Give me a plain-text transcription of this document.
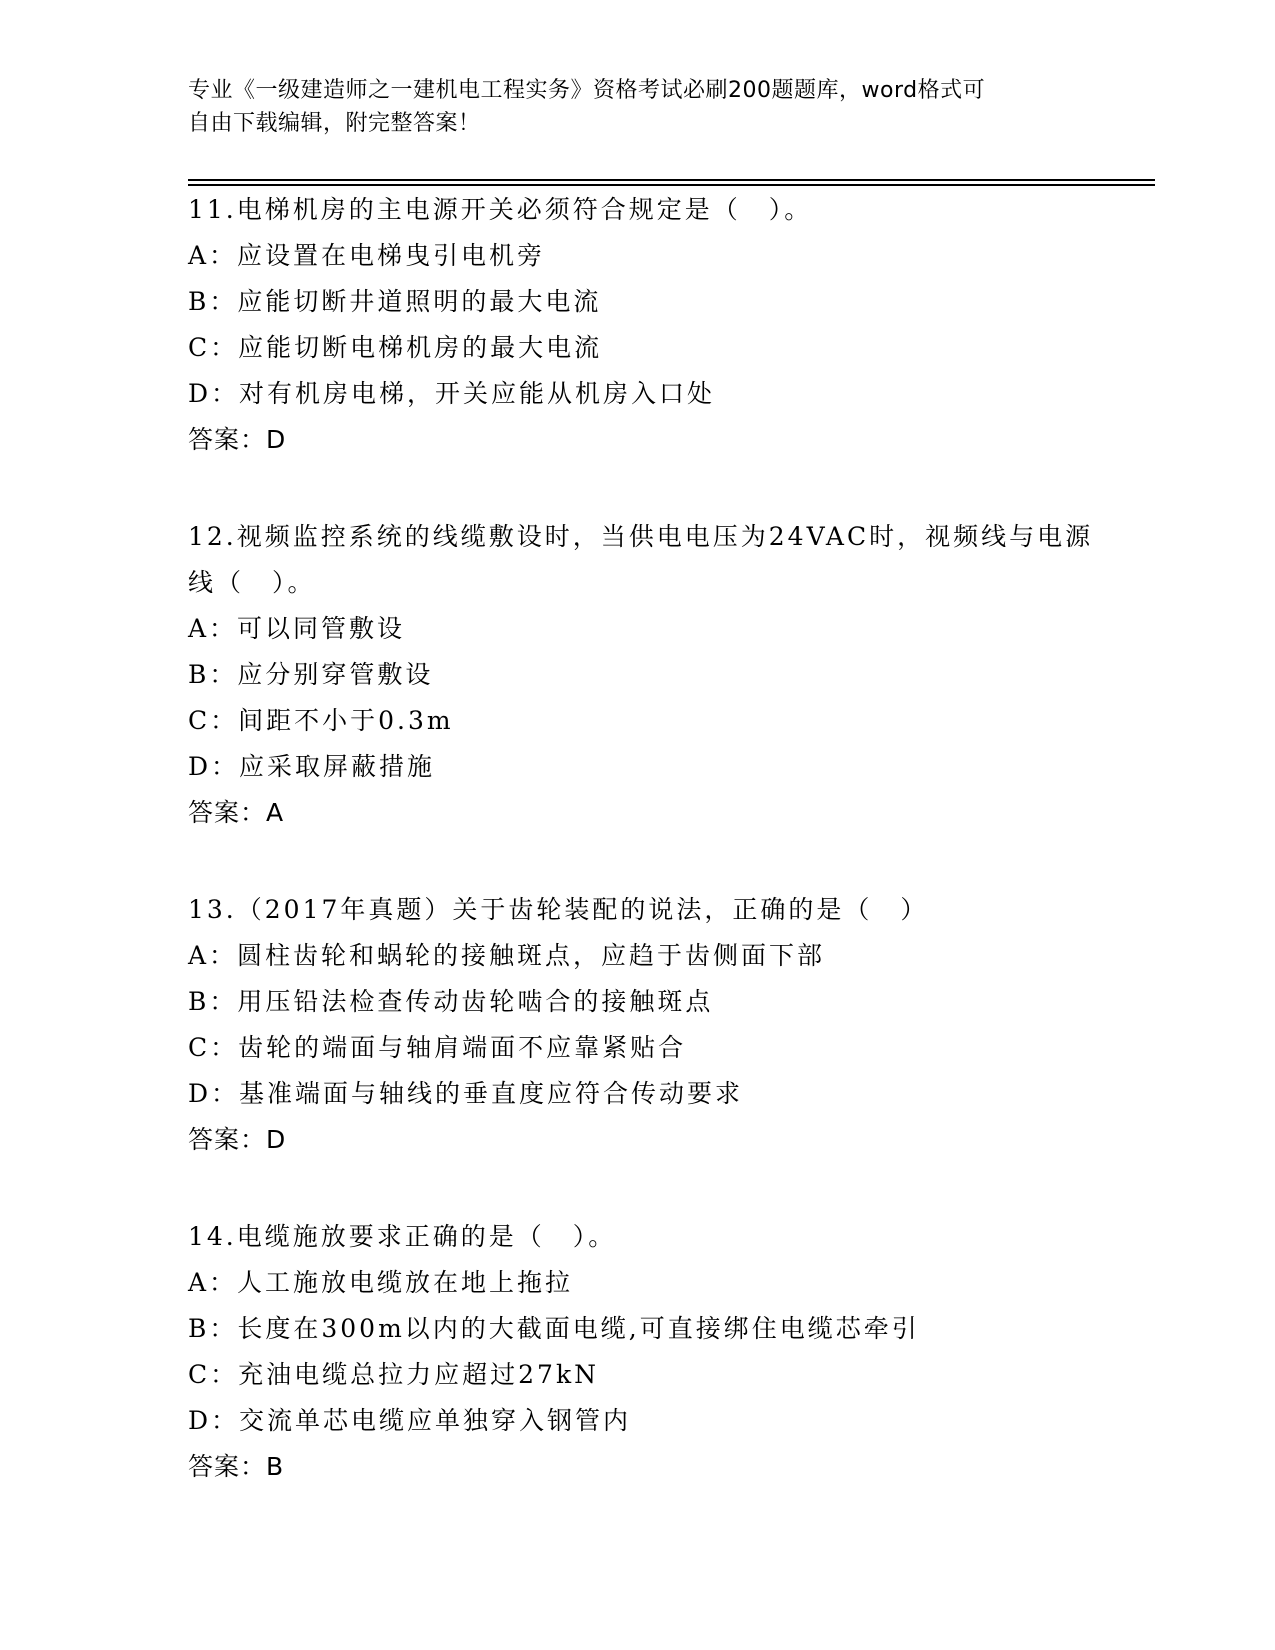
专业《一级建造师之一建机电工程实务》资格考试必刷200题题库，word格式可
自由下载编辑，附完整答案！
11.电梯机房的主电源开关必须符合规定是（　）。
A：应设置在电梯曳引电机旁
B：应能切断井道照明的最大电流
C：应能切断电梯机房的最大电流
D：对有机房电梯，开关应能从机房入口处
答案：D
12.视频监控系统的线缆敷设时，当供电电压为24VAC时，视频线与电源线（　）。
A：可以同管敷设
B：应分别穿管敷设
C：间距不小于0.3m
D：应采取屏蔽措施
答案：A
13.（2017年真题）关于齿轮装配的说法，正确的是（　）
A：圆柱齿轮和蜗轮的接触斑点，应趋于齿侧面下部
B：用压铅法检查传动齿轮啮合的接触斑点
C：齿轮的端面与轴肩端面不应靠紧贴合
D：基准端面与轴线的垂直度应符合传动要求
答案：D
14.电缆施放要求正确的是（　）。
A：人工施放电缆放在地上拖拉
B：长度在300m以内的大截面电缆,可直接绑住电缆芯牵引
C：充油电缆总拉力应超过27kN
D：交流单芯电缆应单独穿入钢管内
答案：B
